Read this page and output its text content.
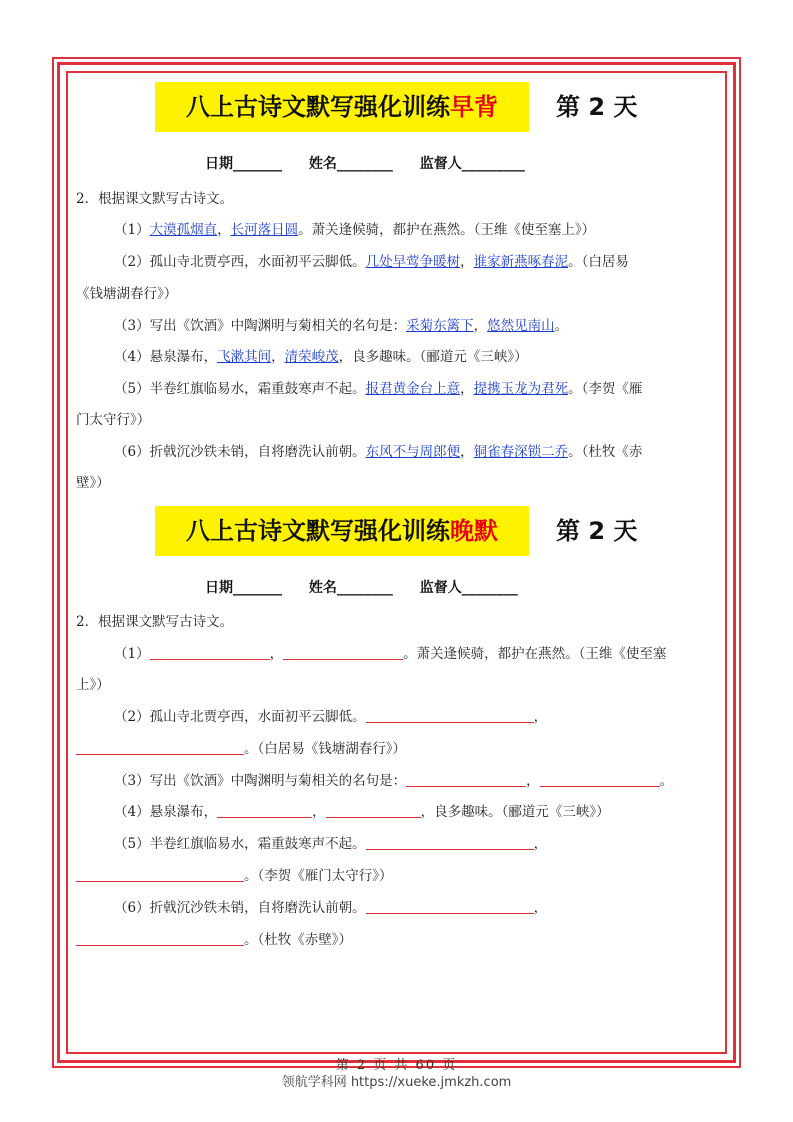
八上古诗文默写强化训练早背	第 2 天
日期_______ 姓名________ 监督人_________
2．根据课文默写古诗文。
（1）大漠孤烟直，长河落日圆。萧关逢候骑，都护在燕然。（王维《使至塞上》）
（2）孤山寺北贾亭西，水面初平云脚低。几处早莺争暖树，谁家新燕啄春泥。（白居易
《钱塘湖春行》）
（3）写出《饮酒》中陶渊明与菊相关的名句是：采菊东篱下，悠然见南山。
（4）悬泉瀑布，飞漱其间，清荣峻茂，良多趣味。（郦道元《三峡》）
（5）半卷红旗临易水，霜重鼓寒声不起。报君黄金台上意，提携玉龙为君死。（李贺《雁
门太守行》）
（6）折戟沉沙铁未销，自将磨洗认前朝。东风不与周郎便，铜雀春深锁二乔。（杜牧《赤
壁》）
八上古诗文默写强化训练晚默	第 2 天
日期_______ 姓名________ 监督人________
2．根据课文默写古诗文。
（1）	，	。萧关逢候骑，都护在燕然。（王维《使至塞
上》）
（2）孤山寺北贾亭西，水面初平云脚低。	，
。（白居易《钱塘湖春行》）
（3）写出《饮酒》中陶渊明与菊相关的名句是：	，	。
（4）悬泉瀑布，	，	，良多趣味。（郦道元《三峡》）
（5）半卷红旗临易水，霜重鼓寒声不起。	，
。（李贺《雁门太守行》）
（6）折戟沉沙铁未销，自将磨洗认前朝。	，
。（杜牧《赤壁》）
第 2 页 共 60 页
领航学科网 https://xueke.jmkzh.com
